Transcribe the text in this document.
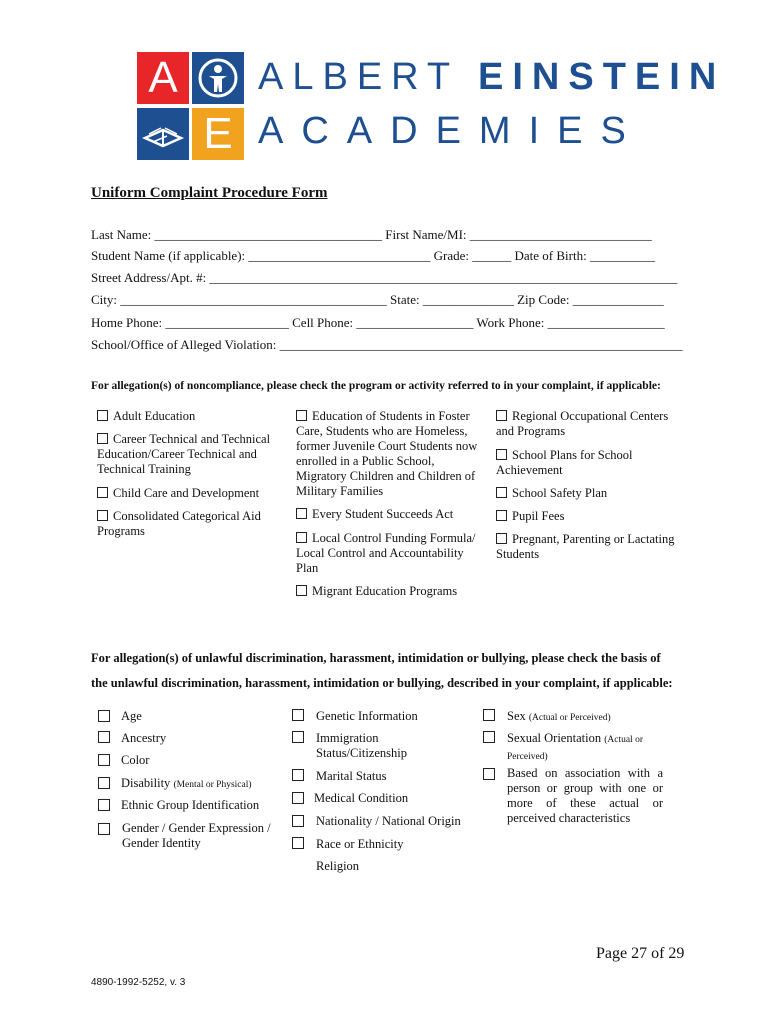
A
E
ALBERT EINSTEIN
ACADEMIES
Uniform Complaint Procedure Form
Last Name: ___________________________________ First Name/MI: ____________________________
Student Name (if applicable): ____________________________ Grade: ______ Date of Birth: __________
Street Address/Apt. #: ________________________________________________________________________
City: _________________________________________ State: ______________ Zip Code: ______________
Home Phone: ___________________ Cell Phone: __________________ Work Phone: __________________
School/Office of Alleged Violation: ______________________________________________________________
For allegation(s) of noncompliance, please check the program or activity referred to in your complaint, if applicable:
Adult Education
Career Technical and Technical Education/Career Technical and Technical Training
Child Care and Development
Consolidated Categorical Aid Programs
Education of Students in Foster Care, Students who are Homeless, former Juvenile Court Students now enrolled in a Public School, Migratory Children and Children of Military Families
Every Student Succeeds Act
Local Control Funding Formula/ Local Control and Accountability Plan
Migrant Education Programs
Regional Occupational Centers and Programs
School Plans for School Achievement
School Safety Plan
Pupil Fees
Pregnant, Parenting or Lactating Students
For allegation(s) of unlawful discrimination, harassment, intimidation or bullying, please check the basis of
the unlawful discrimination, harassment, intimidation or bullying, described in your complaint, if applicable:
Age
Ancestry
Color
Disability (Mental or Physical)
Ethnic Group Identification
Gender / Gender Expression / Gender Identity
Genetic Information
Immigration Status/Citizenship
Marital Status
Medical Condition
Nationality / National Origin
Race or Ethnicity
Religion
Sex (Actual or Perceived)
Sexual Orientation (Actual or Perceived)
Based on association with a person or group with one or more of these actual or perceived characteristics
Page 27 of 29
4890-1992-5252, v. 3
